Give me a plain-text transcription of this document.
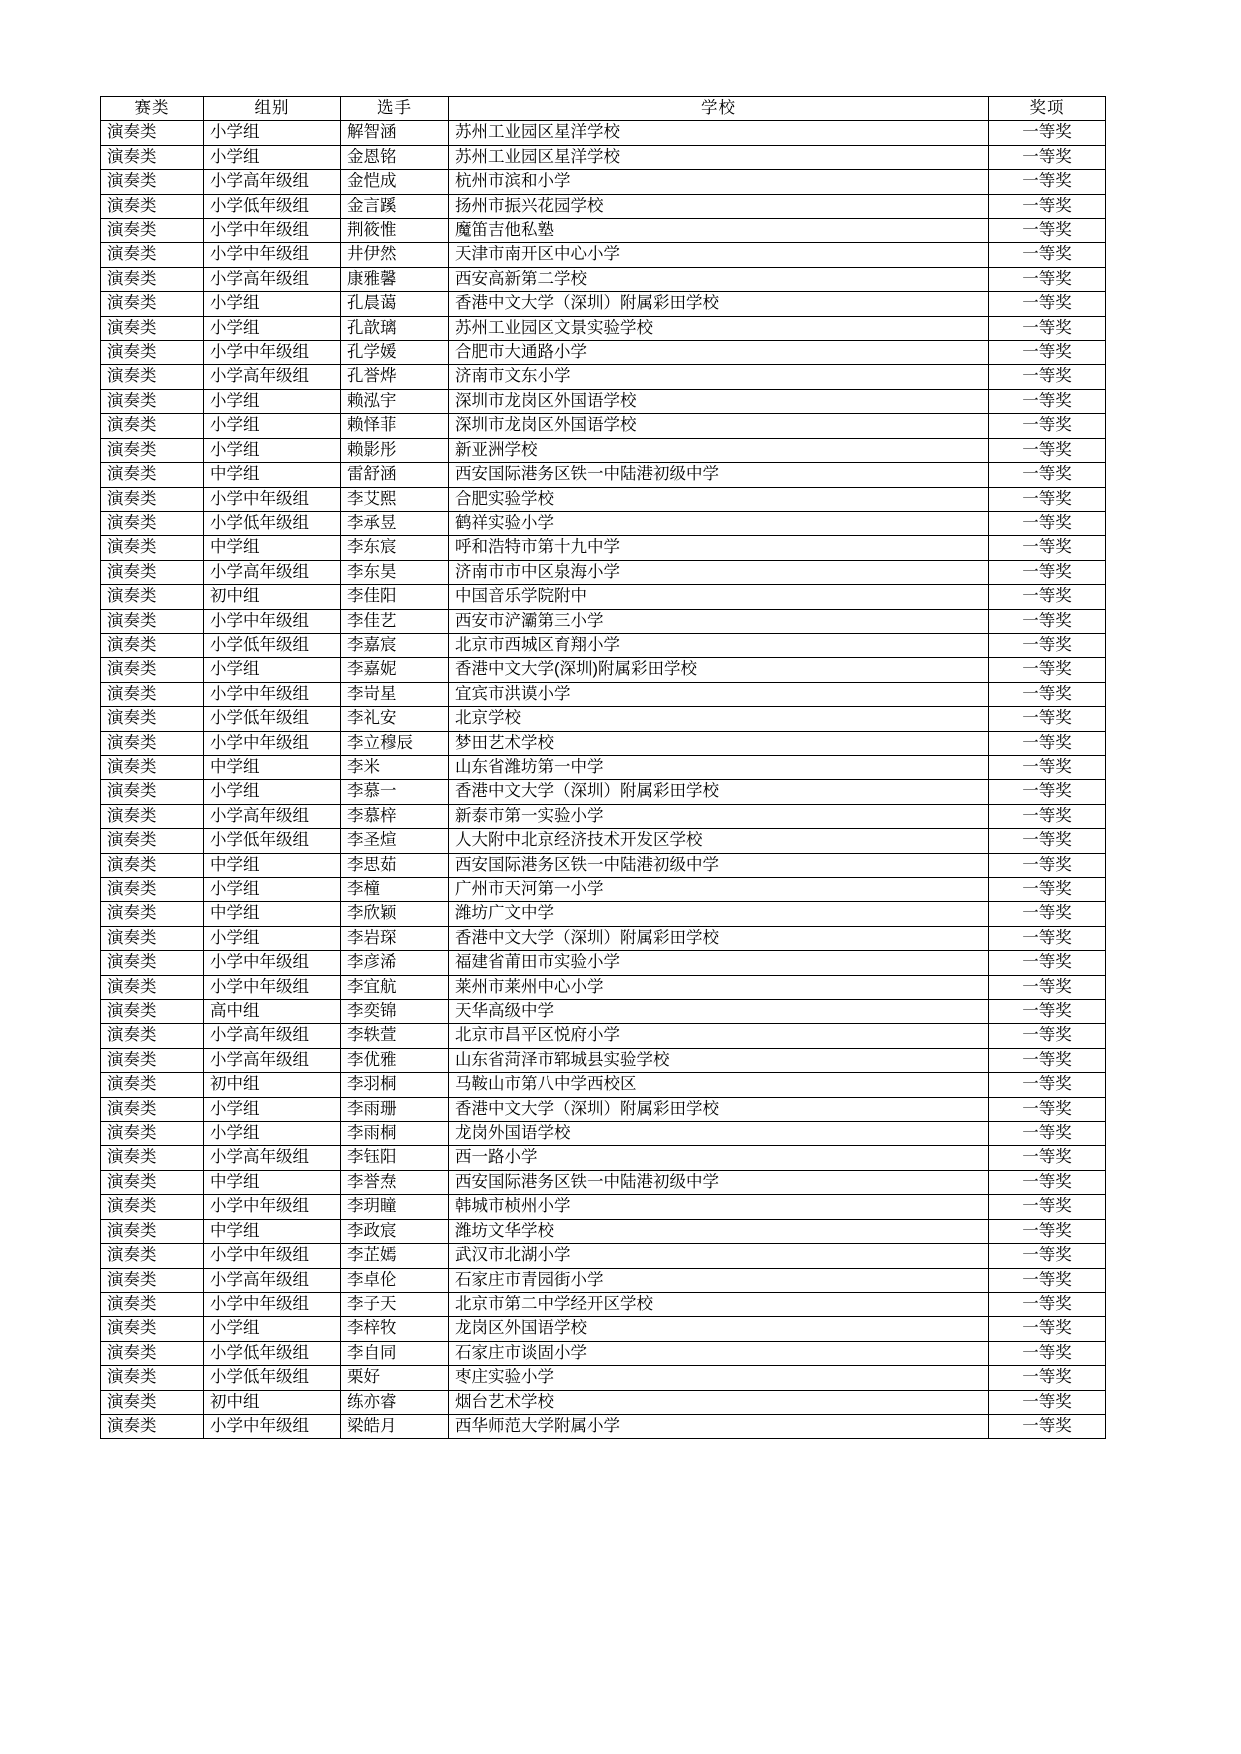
赛类	组别	选手	学校	奖项
演奏类	小学组	解智涵	苏州工业园区星洋学校	一等奖
演奏类	小学组	金恩铭	苏州工业园区星洋学校	一等奖
演奏类	小学高年级组	金恺成	杭州市滨和小学	一等奖
演奏类	小学低年级组	金言蹊	扬州市振兴花园学校	一等奖
演奏类	小学中年级组	荆筱惟	魔笛吉他私塾	一等奖
演奏类	小学中年级组	井伊然	天津市南开区中心小学	一等奖
演奏类	小学高年级组	康雅馨	西安高新第二学校	一等奖
演奏类	小学组	孔晨蔼	香港中文大学（深圳）附属彩田学校	一等奖
演奏类	小学组	孔歆璃	苏州工业园区文景实验学校	一等奖
演奏类	小学中年级组	孔学媛	合肥市大通路小学	一等奖
演奏类	小学高年级组	孔誉烨	济南市文东小学	一等奖
演奏类	小学组	赖泓宇	深圳市龙岗区外国语学校	一等奖
演奏类	小学组	赖怿菲	深圳市龙岗区外国语学校	一等奖
演奏类	小学组	赖影彤	新亚洲学校	一等奖
演奏类	中学组	雷舒涵	西安国际港务区铁一中陆港初级中学	一等奖
演奏类	小学中年级组	李艾熙	合肥实验学校	一等奖
演奏类	小学低年级组	李承昱	鹤祥实验小学	一等奖
演奏类	中学组	李东宸	呼和浩特市第十九中学	一等奖
演奏类	小学高年级组	李东昊	济南市市中区泉海小学	一等奖
演奏类	初中组	李佳阳	中国音乐学院附中	一等奖
演奏类	小学中年级组	李佳艺	西安市浐灞第三小学	一等奖
演奏类	小学低年级组	李嘉宸	北京市西城区育翔小学	一等奖
演奏类	小学组	李嘉妮	香港中文大学(深圳)附属彩田学校	一等奖
演奏类	小学中年级组	李岢星	宜宾市洪谟小学	一等奖
演奏类	小学低年级组	李礼安	北京学校	一等奖
演奏类	小学中年级组	李立穆辰	梦田艺术学校	一等奖
演奏类	中学组	李米	山东省潍坊第一中学	一等奖
演奏类	小学组	李慕一	香港中文大学（深圳）附属彩田学校	一等奖
演奏类	小学高年级组	李慕梓	新泰市第一实验小学	一等奖
演奏类	小学低年级组	李圣煊	人大附中北京经济技术开发区学校	一等奖
演奏类	中学组	李思茹	西安国际港务区铁一中陆港初级中学	一等奖
演奏类	小学组	李橦	广州市天河第一小学	一等奖
演奏类	中学组	李欣颖	潍坊广文中学	一等奖
演奏类	小学组	李岩琛	香港中文大学（深圳）附属彩田学校	一等奖
演奏类	小学中年级组	李彦浠	福建省莆田市实验小学	一等奖
演奏类	小学中年级组	李宜航	莱州市莱州中心小学	一等奖
演奏类	高中组	李奕锦	天华高级中学	一等奖
演奏类	小学高年级组	李轶萱	北京市昌平区悦府小学	一等奖
演奏类	小学高年级组	李优雅	山东省菏泽市郓城县实验学校	一等奖
演奏类	初中组	李羽桐	马鞍山市第八中学西校区	一等奖
演奏类	小学组	李雨珊	香港中文大学（深圳）附属彩田学校	一等奖
演奏类	小学组	李雨桐	龙岗外国语学校	一等奖
演奏类	小学高年级组	李钰阳	西一路小学	一等奖
演奏类	中学组	李誉焘	西安国际港务区铁一中陆港初级中学	一等奖
演奏类	小学中年级组	李玥瞳	韩城市桢州小学	一等奖
演奏类	中学组	李政宸	潍坊文华学校	一等奖
演奏类	小学中年级组	李芷嫣	武汉市北湖小学	一等奖
演奏类	小学高年级组	李卓伦	石家庄市青园街小学	一等奖
演奏类	小学中年级组	李子天	北京市第二中学经开区学校	一等奖
演奏类	小学组	李梓牧	龙岗区外国语学校	一等奖
演奏类	小学低年级组	李自同	石家庄市谈固小学	一等奖
演奏类	小学低年级组	栗好	枣庄实验小学	一等奖
演奏类	初中组	练亦睿	烟台艺术学校	一等奖
演奏类	小学中年级组	梁皓月	西华师范大学附属小学	一等奖
